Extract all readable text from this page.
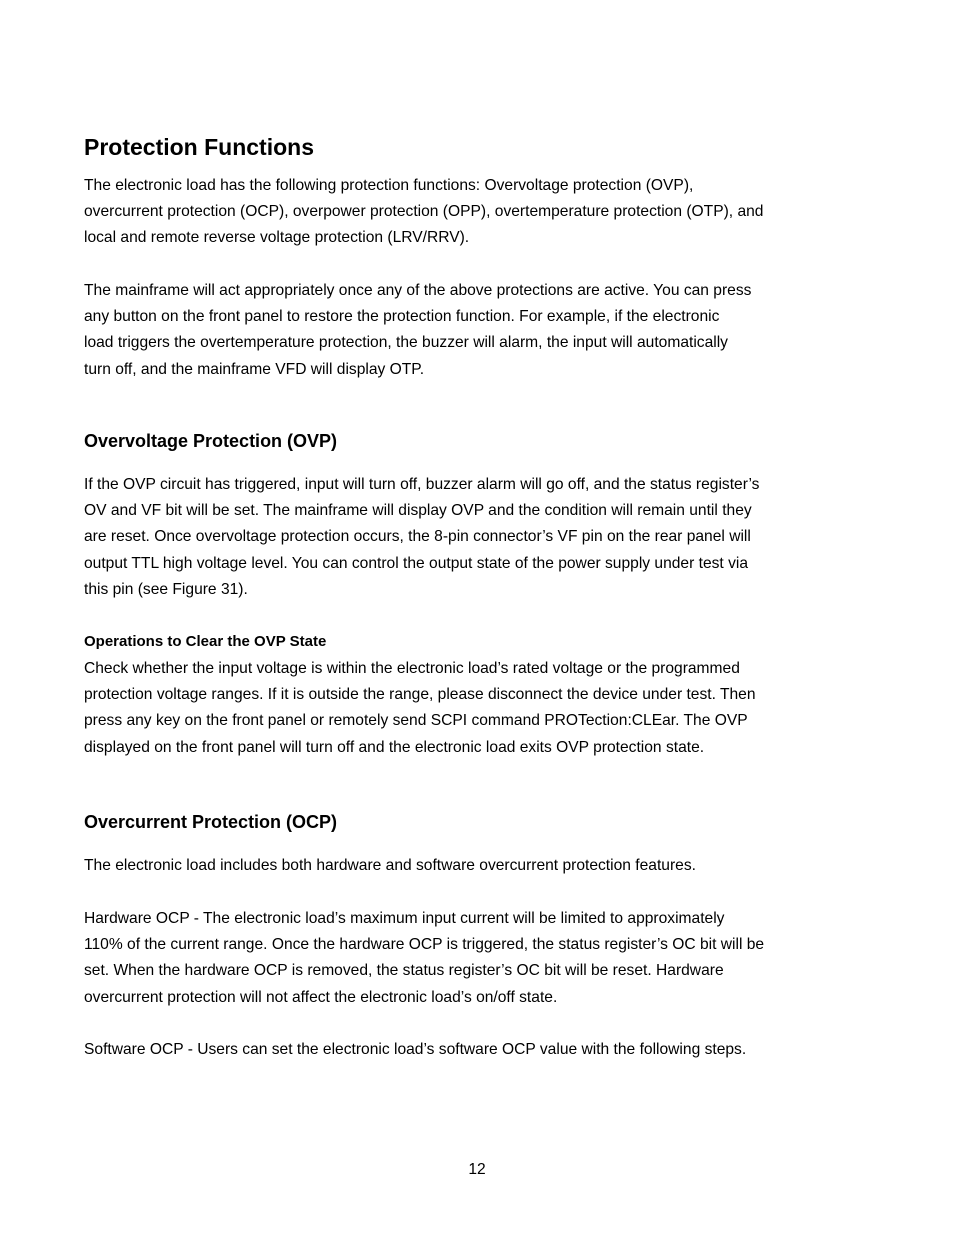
Protection Functions

The electronic load has the following protection functions: Overvoltage protection (OVP),
overcurrent protection (OCP), overpower protection (OPP), overtemperature protection (OTP), and
local and remote reverse voltage protection (LRV/RRV).

The mainframe will act appropriately once any of the above protections are active. You can press
any button on the front panel to restore the protection function. For example, if the electronic
load triggers the overtemperature protection, the buzzer will alarm, the input will automatically
turn off, and the mainframe VFD will display OTP.

Overvoltage Protection (OVP)

If the OVP circuit has triggered, input will turn off, buzzer alarm will go off, and the status register’s
OV and VF bit will be set. The mainframe will display OVP and the condition will remain until they
are reset. Once overvoltage protection occurs, the 8-pin connector’s VF pin on the rear panel will
output TTL high voltage level. You can control the output state of the power supply under test via
this pin (see Figure 31).

Operations to Clear the OVP State

Check whether the input voltage is within the electronic load’s rated voltage or the programmed
protection voltage ranges. If it is outside the range, please disconnect the device under test. Then
press any key on the front panel or remotely send SCPI command PROTection:CLEar. The OVP
displayed on the front panel will turn off and the electronic load exits OVP protection state.

Overcurrent Protection (OCP)

The electronic load includes both hardware and software overcurrent protection features.

Hardware OCP - The electronic load’s maximum input current will be limited to approximately
110% of the current range. Once the hardware OCP is triggered, the status register’s OC bit will be
set. When the hardware OCP is removed, the status register’s OC bit will be reset. Hardware
overcurrent protection will not affect the electronic load’s on/off state.

Software OCP - Users can set the electronic load’s software OCP value with the following steps.

12
